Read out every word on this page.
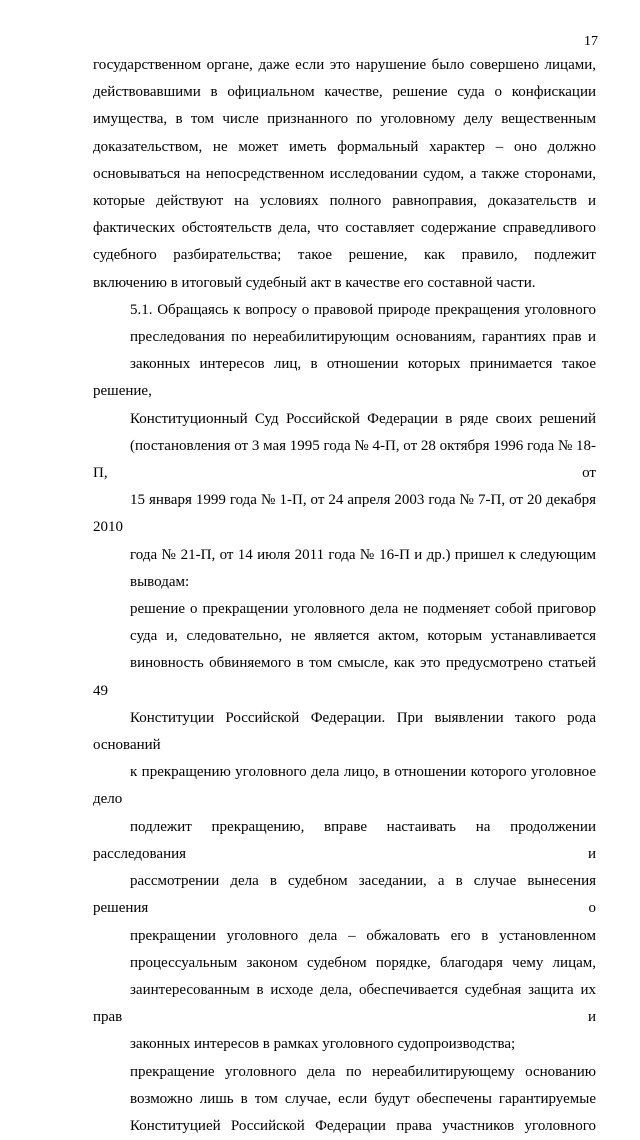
17

государственном органе, даже если это нарушение было совершено лицами,
действовавшими в официальном качестве, решение суда о конфискации
имущества, в том числе признанного по уголовному делу вещественным
доказательством, не может иметь формальный характер – оно должно
основываться на непосредственном исследовании судом, а также сторонами,
которые действуют на условиях полного равноправия, доказательств и
фактических обстоятельств дела, что составляет содержание справедливого
судебного разбирательства; такое решение, как правило, подлежит
включению в итоговый судебный акт в качестве его составной части.

5.1. Обращаясь к вопросу о правовой природе прекращения уголовного
преследования по нереабилитирующим основаниям, гарантиях прав и
законных интересов лиц, в отношении которых принимается такое решение,
Конституционный Суд Российской Федерации в ряде своих решений
(постановления от 3 мая 1995 года № 4-П, от 28 октября 1996 года № 18-П, от
15 января 1999 года № 1-П, от 24 апреля 2003 года № 7-П, от 20 декабря 2010
года № 21-П, от 14 июля 2011 года № 16-П и др.) пришел к следующим
выводам:

решение о прекращении уголовного дела не подменяет собой приговор
суда и, следовательно, не является актом, которым устанавливается
виновность обвиняемого в том смысле, как это предусмотрено статьей 49
Конституции Российской Федерации. При выявлении такого рода оснований
к прекращению уголовного дела лицо, в отношении которого уголовное дело
подлежит прекращению, вправе настаивать на продолжении расследования и
рассмотрении дела в судебном заседании, а в случае вынесения решения о
прекращении уголовного дела – обжаловать его в установленном
процессуальным законом судебном порядке, благодаря чему лицам,
заинтересованным в исходе дела, обеспечивается судебная защита их прав и
законных интересов в рамках уголовного судопроизводства;

прекращение уголовного дела по нереабилитирующему основанию
возможно лишь в том случае, если будут обеспечены гарантируемые
Конституцией Российской Федерации права участников уголовного
